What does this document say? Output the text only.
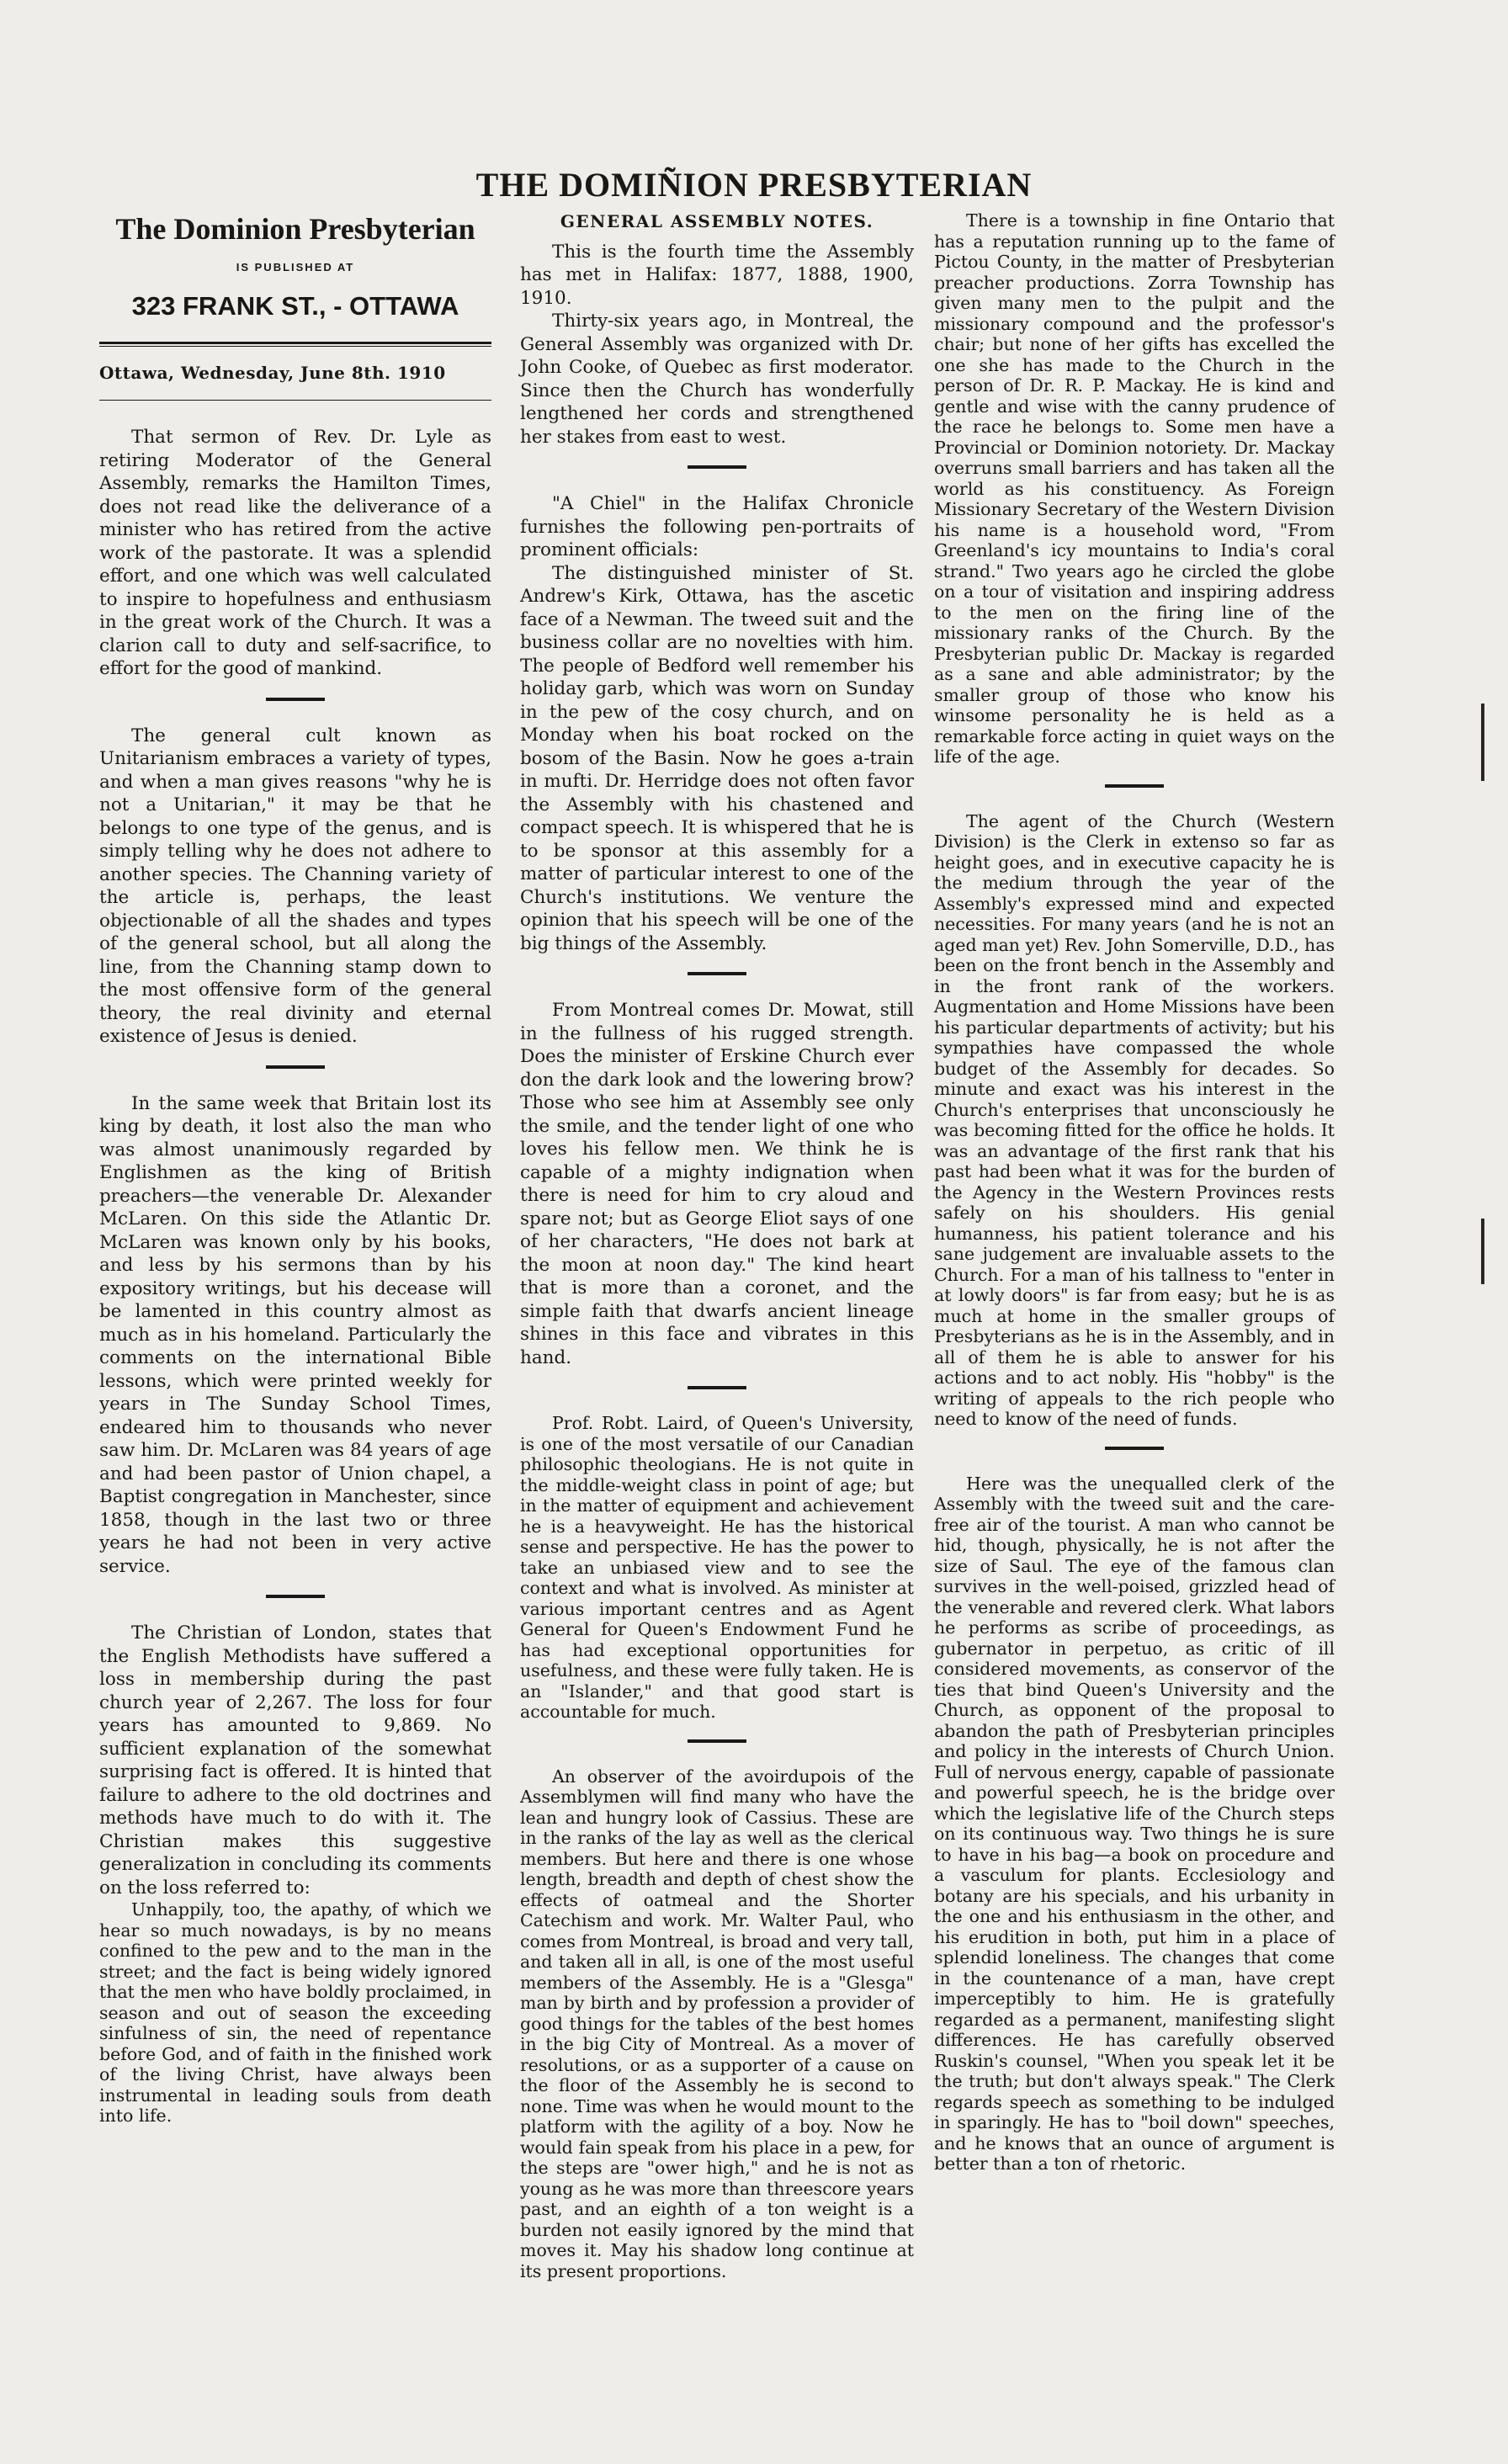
THE DOMIÑION PRESBYTERIAN
The Dominion Presbyterian
IS PUBLISHED AT
323 FRANK ST., - OTTAWA
Ottawa, Wednesday, June 8th. 1910

That sermon of Rev. Dr. Lyle as retiring Moderator of the General Assembly, remarks the Hamilton Times, does not read like the deliverance of a minister who has retired from the active work of the pastorate. It was a splendid effort, and one which was well calculated to inspire to hopefulness and enthusiasm in the great work of the Church. It was a clarion call to duty and self-sacrifice, to effort for the good of mankind.

The general cult known as Unitarianism embraces a variety of types, and when a man gives reasons "why he is not a Unitarian," it may be that he belongs to one type of the genus, and is simply telling why he does not adhere to another species. The Channing variety of the article is, perhaps, the least objectionable of all the shades and types of the general school, but all along the line, from the Channing stamp down to the most offensive form of the general theory, the real divinity and eternal existence of Jesus is denied.

In the same week that Britain lost its king by death, it lost also the man who was almost unanimously regarded by Englishmen as the king of British preachers—the venerable Dr. Alexander McLaren. On this side the Atlantic Dr. McLaren was known only by his books, and less by his sermons than by his expository writings, but his decease will be lamented in this country almost as much as in his homeland. Particularly the comments on the international Bible lessons, which were printed weekly for years in The Sunday School Times, endeared him to thousands who never saw him. Dr. McLaren was 84 years of age and had been pastor of Union chapel, a Baptist congregation in Manchester, since 1858, though in the last two or three years he had not been in very active service.

The Christian of London, states that the English Methodists have suffered a loss in membership during the past church year of 2,267. The loss for four years has amounted to 9,869. No sufficient explanation of the somewhat surprising fact is offered. It is hinted that failure to adhere to the old doctrines and methods have much to do with it. The Christian makes this suggestive generalization in concluding its comments on the loss referred to:

Unhappily, too, the apathy, of which we hear so much nowadays, is by no means confined to the pew and to the man in the street; and the fact is being widely ignored that the men who have boldly proclaimed, in season and out of season the exceeding sinfulness of sin, the need of repentance before God, and of faith in the finished work of the living Christ, have always been instrumental in leading souls from death into life.

GENERAL ASSEMBLY NOTES.

This is the fourth time the Assembly has met in Halifax: 1877, 1888, 1900, 1910.

Thirty-six years ago, in Montreal, the General Assembly was organized with Dr. John Cooke, of Quebec as first moderator. Since then the Church has wonderfully lengthened her cords and strengthened her stakes from east to west.

"A Chiel" in the Halifax Chronicle furnishes the following pen-portraits of prominent officials:

The distinguished minister of St. Andrew's Kirk, Ottawa, has the ascetic face of a Newman. The tweed suit and the business collar are no novelties with him. The people of Bedford well remember his holiday garb, which was worn on Sunday in the pew of the cosy church, and on Monday when his boat rocked on the bosom of the Basin. Now he goes a-train in mufti. Dr. Herridge does not often favor the Assembly with his chastened and compact speech. It is whispered that he is to be sponsor at this assembly for a matter of particular interest to one of the Church's institutions. We venture the opinion that his speech will be one of the big things of the Assembly.

From Montreal comes Dr. Mowat, still in the fullness of his rugged strength. Does the minister of Erskine Church ever don the dark look and the lowering brow? Those who see him at Assembly see only the smile, and the tender light of one who loves his fellow men. We think he is capable of a mighty indignation when there is need for him to cry aloud and spare not; but as George Eliot says of one of her characters, "He does not bark at the moon at noon day." The kind heart that is more than a coronet, and the simple faith that dwarfs ancient lineage shines in this face and vibrates in this hand.

Prof. Robt. Laird, of Queen's University, is one of the most versatile of our Canadian philosophic theologians. He is not quite in the middle-weight class in point of age; but in the matter of equipment and achievement he is a heavyweight. He has the historical sense and perspective. He has the power to take an unbiased view and to see the context and what is involved. As minister at various important centres and as Agent General for Queen's Endowment Fund he has had exceptional opportunities for usefulness, and these were fully taken. He is an "Islander," and that good start is accountable for much.

An observer of the avoirdupois of the Assemblymen will find many who have the lean and hungry look of Cassius. These are in the ranks of the lay as well as the clerical members. But here and there is one whose length, breadth and depth of chest show the effects of oatmeal and the Shorter Catechism and work. Mr. Walter Paul, who comes from Montreal, is broad and very tall, and taken all in all, is one of the most useful members of the Assembly. He is a "Glesga" man by birth and by profession a provider of good things for the tables of the best homes in the big City of Montreal. As a mover of resolutions, or as a supporter of a cause on the floor of the Assembly he is second to none. Time was when he would mount to the platform with the agility of a boy. Now he would fain speak from his place in a pew, for the steps are "ower high," and he is not as young as he was more than threescore years past, and an eighth of a ton weight is a burden not easily ignored by the mind that moves it. May his shadow long continue at its present proportions.

There is a township in fine Ontario that has a reputation running up to the fame of Pictou County, in the matter of Presbyterian preacher productions. Zorra Township has given many men to the pulpit and the missionary compound and the professor's chair; but none of her gifts has excelled the one she has made to the Church in the person of Dr. R. P. Mackay. He is kind and gentle and wise with the canny prudence of the race he belongs to. Some men have a Provincial or Dominion notoriety. Dr. Mackay overruns small barriers and has taken all the world as his constituency. As Foreign Missionary Secretary of the Western Division his name is a household word, "From Greenland's icy mountains to India's coral strand." Two years ago he circled the globe on a tour of visitation and inspiring address to the men on the firing line of the missionary ranks of the Church. By the Presbyterian public Dr. Mackay is regarded as a sane and able administrator; by the smaller group of those who know his winsome personality he is held as a remarkable force acting in quiet ways on the life of the age.

The agent of the Church (Western Division) is the Clerk in extenso so far as height goes, and in executive capacity he is the medium through the year of the Assembly's expressed mind and expected necessities. For many years (and he is not an aged man yet) Rev. John Somerville, D.D., has been on the front bench in the Assembly and in the front rank of the workers. Augmentation and Home Missions have been his particular departments of activity; but his sympathies have compassed the whole budget of the Assembly for decades. So minute and exact was his interest in the Church's enterprises that unconsciously he was becoming fitted for the office he holds. It was an advantage of the first rank that his past had been what it was for the burden of the Agency in the Western Provinces rests safely on his shoulders. His genial humanness, his patient tolerance and his sane judgement are invaluable assets to the Church. For a man of his tallness to "enter in at lowly doors" is far from easy; but he is as much at home in the smaller groups of Presbyterians as he is in the Assembly, and in all of them he is able to answer for his actions and to act nobly. His "hobby" is the writing of appeals to the rich people who need to know of the need of funds.

Here was the unequalled clerk of the Assembly with the tweed suit and the care-free air of the tourist. A man who cannot be hid, though, physically, he is not after the size of Saul. The eye of the famous clan survives in the well-poised, grizzled head of the venerable and revered clerk. What labors he performs as scribe of proceedings, as gubernator in perpetuo, as critic of ill considered movements, as conservor of the ties that bind Queen's University and the Church, as opponent of the proposal to abandon the path of Presbyterian principles and policy in the interests of Church Union. Full of nervous energy, capable of passionate and powerful speech, he is the bridge over which the legislative life of the Church steps on its continuous way. Two things he is sure to have in his bag—a book on procedure and a vasculum for plants. Ecclesiology and botany are his specials, and his urbanity in the one and his enthusiasm in the other, and his erudition in both, put him in a place of splendid loneliness. The changes that come in the countenance of a man, have crept imperceptibly to him. He is gratefully regarded as a permanent, manifesting slight differences. He has carefully observed Ruskin's counsel, "When you speak let it be the truth; but don't always speak." The Clerk regards speech as something to be indulged in sparingly. He has to "boil down" speeches, and he knows that an ounce of argument is better than a ton of rhetoric.
